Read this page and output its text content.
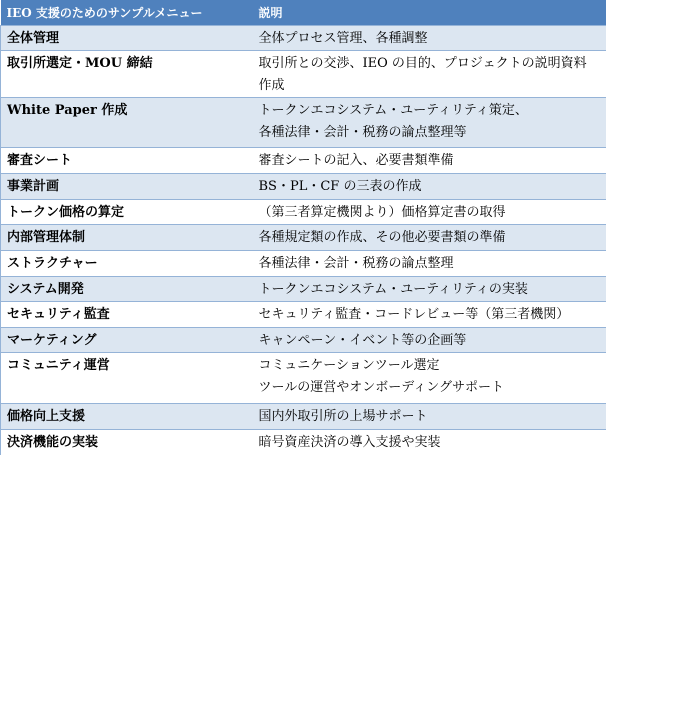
IEO 支援のためのサンプルメニュー	説明
全体管理	全体プロセス管理、各種調整

取引所選定・MOU 締結	取引所との交渉、IEO の目的、プロジェクトの説明資料
作成

White Paper 作成	トークンエコシステム・ユーティリティ策定、
各種法律・会計・税務の論点整理等

審査シート	審査シートの記入、必要書類準備

事業計画	BS・PL・CF の三表の作成

トークン価格の算定	（第三者算定機関より）価格算定書の取得

内部管理体制	各種規定類の作成、その他必要書類の準備

ストラクチャー	各種法律・会計・税務の論点整理

システム開発	トークンエコシステム・ユーティリティの実装

セキュリティ監査	セキュリティ監査・コードレビュー等（第三者機関）

マーケティング	キャンペーン・イベント等の企画等

コミュニティ運営	コミュニケーションツール選定
ツールの運営やオンボーディングサポート

価格向上支援	国内外取引所の上場サポート

決済機能の実装	暗号資産決済の導入支援や実装
